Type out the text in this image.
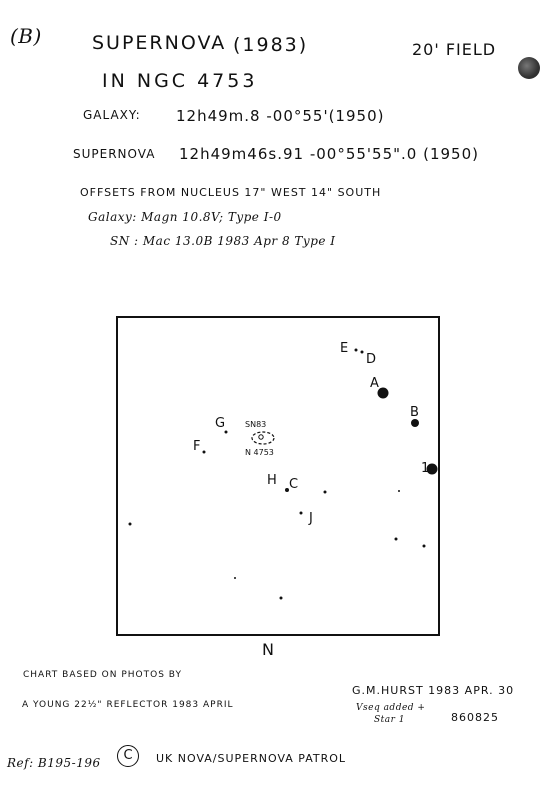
(B)	SUPERNOVA (1983)	20' FIELD
IN NGC 4753
GALAXY: 12h49m.8 -00°55'(1950)
SUPERNOVA 12h49m46s.91 -00°55'55".0 (1950)
OFFSETS FROM NUCLEUS 17" WEST 14" SOUTH
Galaxy: Magn 10.8V; Type I-0
SN : Mac 13.0B 1983 Apr 8 Type I
E
D
A
B
1
G
F
H C
J
SN83
N 4753
N
CHART BASED ON PHOTOS BY
A YOUNG 22½" REFLECTOR 1983 APRIL
G.M.HURST 1983 APR. 30
Vseq added +
Star 1	860825
Ref: B195-196	C	UK NOVA/SUPERNOVA PATROL
